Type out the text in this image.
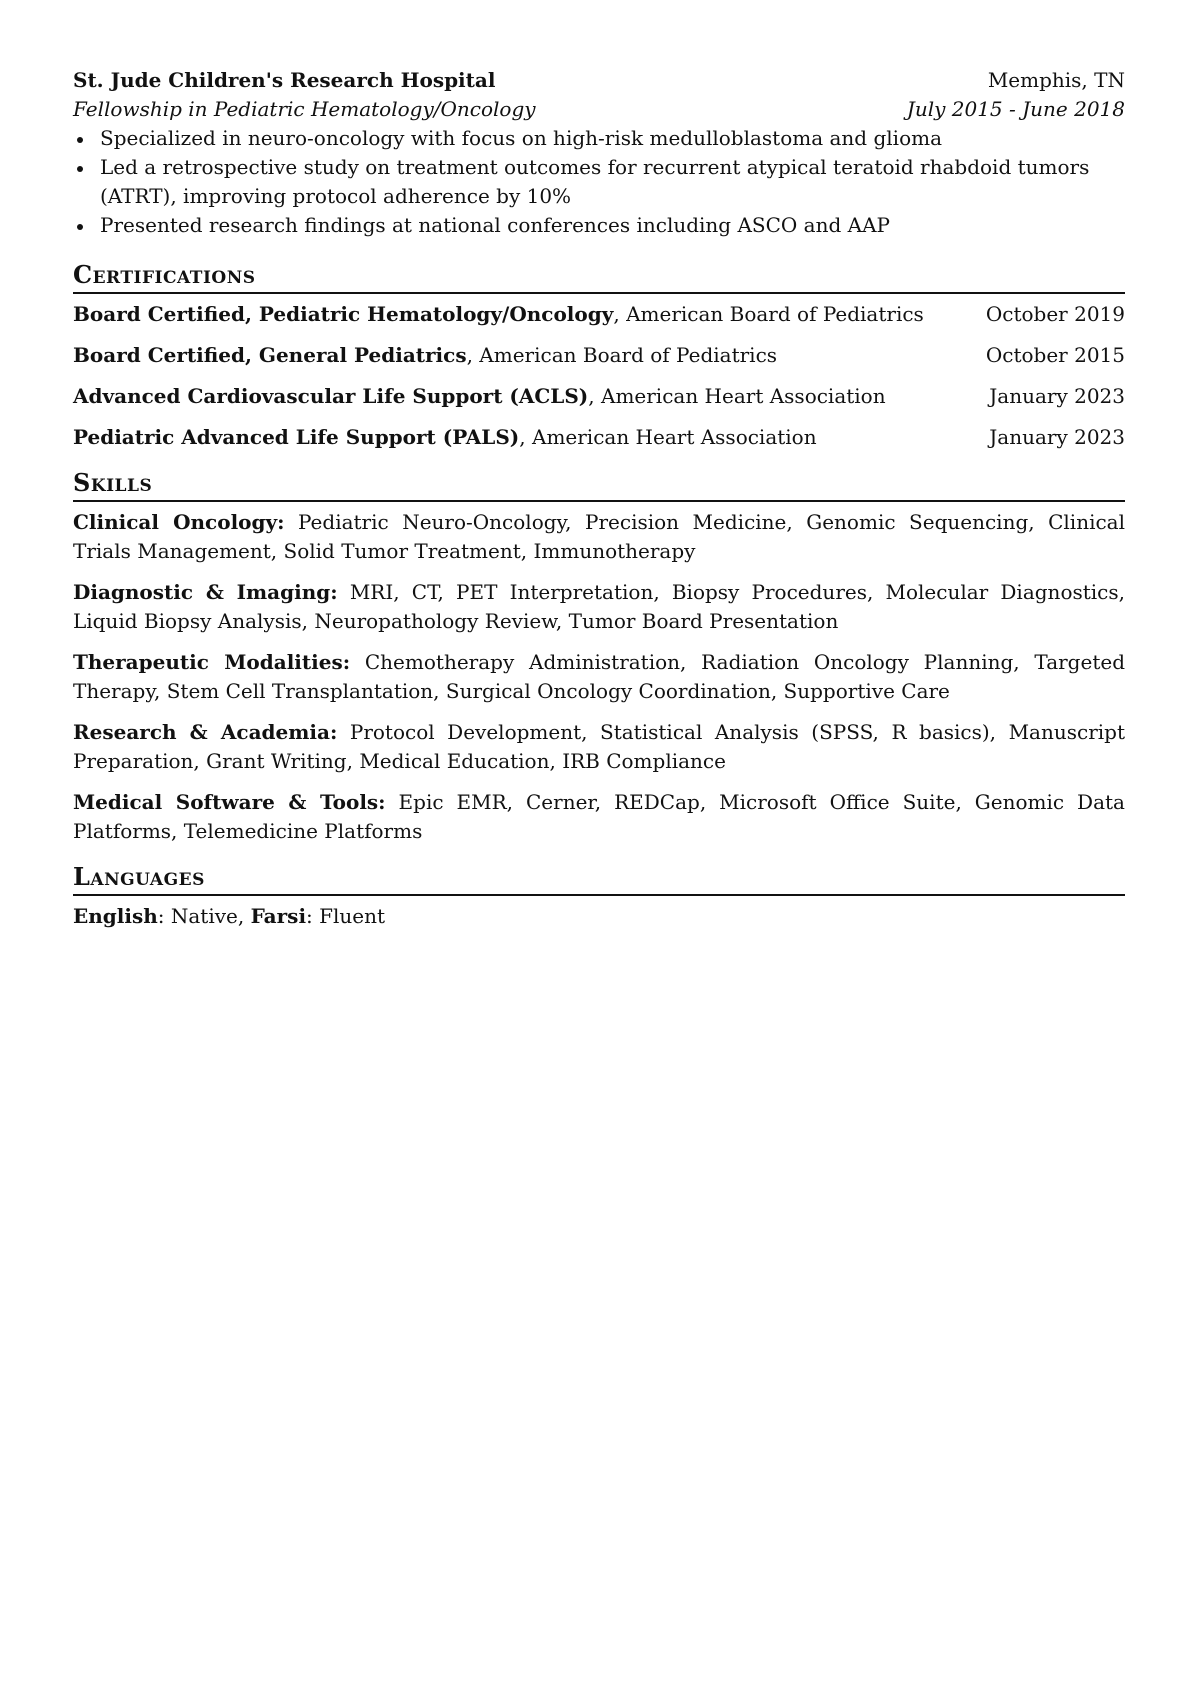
St. Jude Children's Research Hospital	Memphis, TN
Fellowship in Pediatric Hematology/Oncology	July 2015 - June 2018
Specialized in neuro-oncology with focus on high-risk medulloblastoma and glioma
Led a retrospective study on treatment outcomes for recurrent atypical teratoid rhabdoid tumors (ATRT), improving protocol adherence by 10%
Presented research findings at national conferences including ASCO and AAP
Certifications
Board Certified, Pediatric Hematology/Oncology, American Board of Pediatrics	October 2019
Board Certified, General Pediatrics, American Board of Pediatrics	October 2015
Advanced Cardiovascular Life Support (ACLS), American Heart Association	January 2023
Pediatric Advanced Life Support (PALS), American Heart Association	January 2023
Skills
Clinical Oncology: Pediatric Neuro-Oncology, Precision Medicine, Genomic Sequencing, Clinical Trials Management, Solid Tumor Treatment, Immunotherapy
Diagnostic & Imaging: MRI, CT, PET Interpretation, Biopsy Procedures, Molecular Diagnostics, Liquid Biopsy Analysis, Neuropathology Review, Tumor Board Presentation
Therapeutic Modalities: Chemotherapy Administration, Radiation Oncology Planning, Targeted Therapy, Stem Cell Transplantation, Surgical Oncology Coordination, Supportive Care
Research & Academia: Protocol Development, Statistical Analysis (SPSS, R basics), Manuscript Preparation, Grant Writing, Medical Education, IRB Compliance
Medical Software & Tools: Epic EMR, Cerner, REDCap, Microsoft Office Suite, Genomic Data Platforms, Telemedicine Platforms
Languages
English: Native, Farsi: Fluent
